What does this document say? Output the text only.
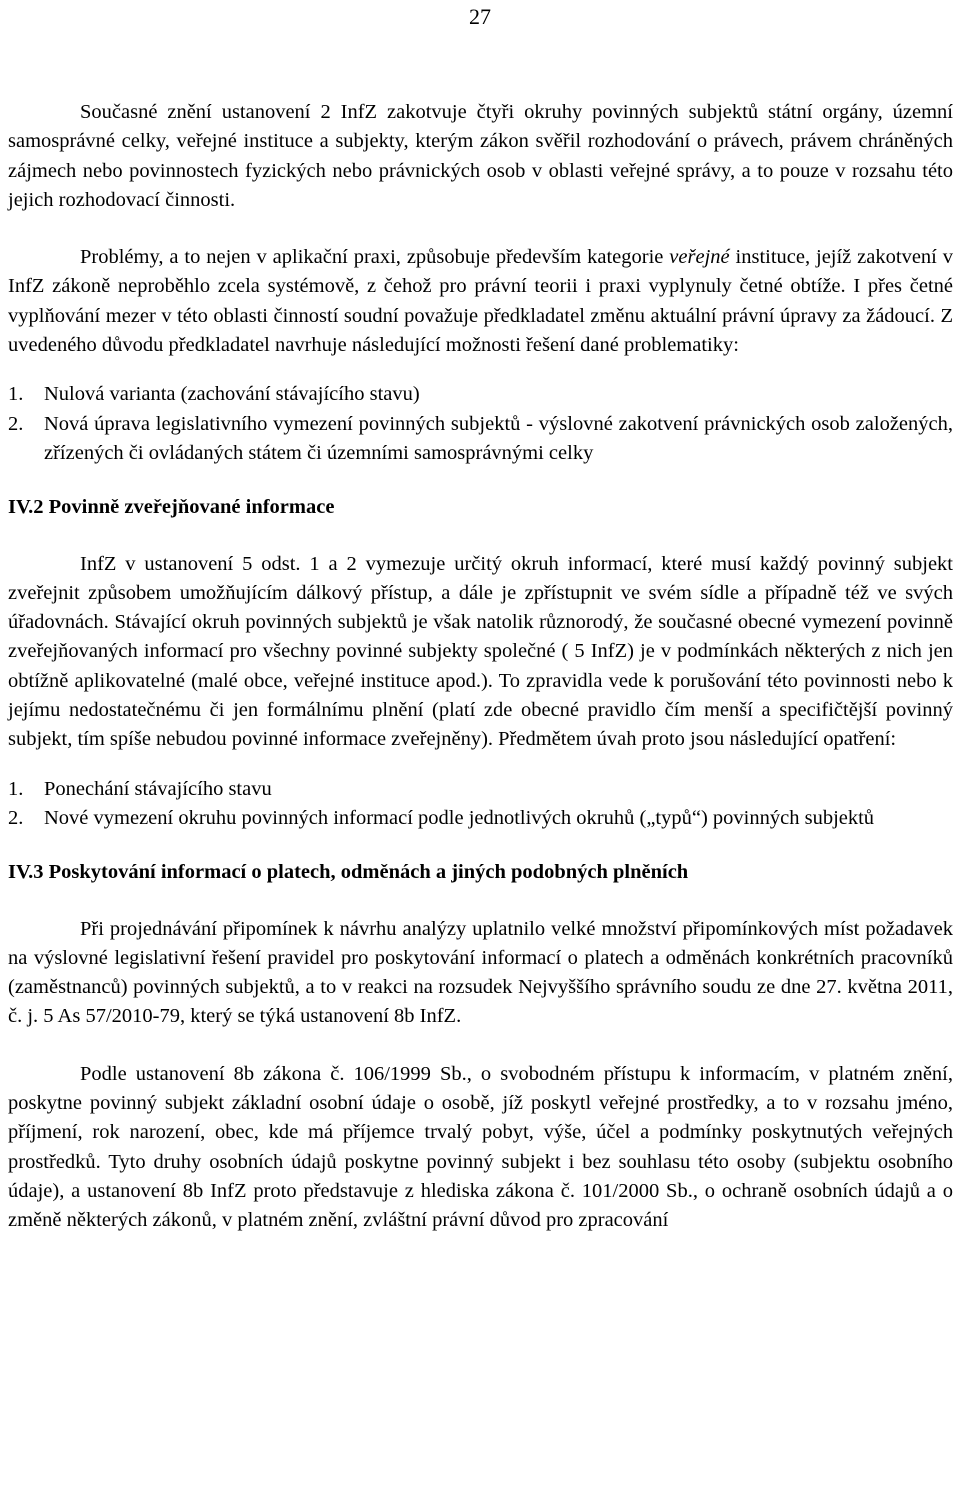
27

Současné znění ustanovení 2 InfZ zakotvuje čtyři okruhy povinných subjektů státní orgány, územní samosprávné celky, veřejné instituce a subjekty, kterým zákon svěřil rozhodování o právech, právem chráněných zájmech nebo povinnostech fyzických nebo právnických osob v oblasti veřejné správy, a to pouze v rozsahu této jejich rozhodovací činnosti.

Problémy, a to nejen v aplikační praxi, způsobuje především kategorie veřejné instituce, jejíž zakotvení v InfZ zákoně neproběhlo zcela systémově, z čehož pro právní teorii i praxi vyplynuly četné obtíže. I přes četné vyplňování mezer v této oblasti činností soudní považuje předkladatel změnu aktuální právní úpravy za žádoucí. Z uvedeného důvodu předkladatel navrhuje následující možnosti řešení dané problematiky:

1.	Nulová varianta (zachování stávajícího stavu)
2.	Nová úprava legislativního vymezení povinných subjektů - výslovné zakotvení právnických osob založených, zřízených či ovládaných státem či územními samosprávnými celky

IV.2 Povinně zveřejňované informace

InfZ v ustanovení 5 odst. 1 a 2 vymezuje určitý okruh informací, které musí každý povinný subjekt zveřejnit způsobem umožňujícím dálkový přístup, a dále je zpřístupnit ve svém sídle a případně též ve svých úřadovnách. Stávající okruh povinných subjektů je však natolik různorodý, že současné obecné vymezení povinně zveřejňovaných informací pro všechny povinné subjekty společné ( 5 InfZ) je v podmínkách některých z nich jen obtížně aplikovatelné (malé obce, veřejné instituce apod.). To zpravidla vede k porušování této povinnosti nebo k jejímu nedostatečnému či jen formálnímu plnění (platí zde obecné pravidlo čím menší a specifičtější povinný subjekt, tím spíše nebudou povinné informace zveřejněny). Předmětem úvah proto jsou následující opatření:

1.	Ponechání stávajícího stavu
2.	Nové vymezení okruhu povinných informací podle jednotlivých okruhů („typů“) povinných subjektů

IV.3 Poskytování informací o platech, odměnách a jiných podobných plněních

Při projednávání připomínek k návrhu analýzy uplatnilo velké množství připomínkových míst požadavek na výslovné legislativní řešení pravidel pro poskytování informací o platech a odměnách konkrétních pracovníků (zaměstnanců) povinných subjektů, a to v reakci na rozsudek Nejvyššího správního soudu ze dne 27. května 2011, č. j. 5 As 57/2010-79, který se týká ustanovení 8b InfZ.

Podle ustanovení 8b zákona č. 106/1999 Sb., o svobodném přístupu k informacím, v platném znění, poskytne povinný subjekt základní osobní údaje o osobě, jíž poskytl veřejné prostředky, a to v rozsahu jméno, příjmení, rok narození, obec, kde má příjemce trvalý pobyt, výše, účel a podmínky poskytnutých veřejných prostředků. Tyto druhy osobních údajů poskytne povinný subjekt i bez souhlasu této osoby (subjektu osobního údaje), a ustanovení 8b InfZ proto představuje z hlediska zákona č. 101/2000 Sb., o ochraně osobních údajů a o změně některých zákonů, v platném znění, zvláštní právní důvod pro zpracování
